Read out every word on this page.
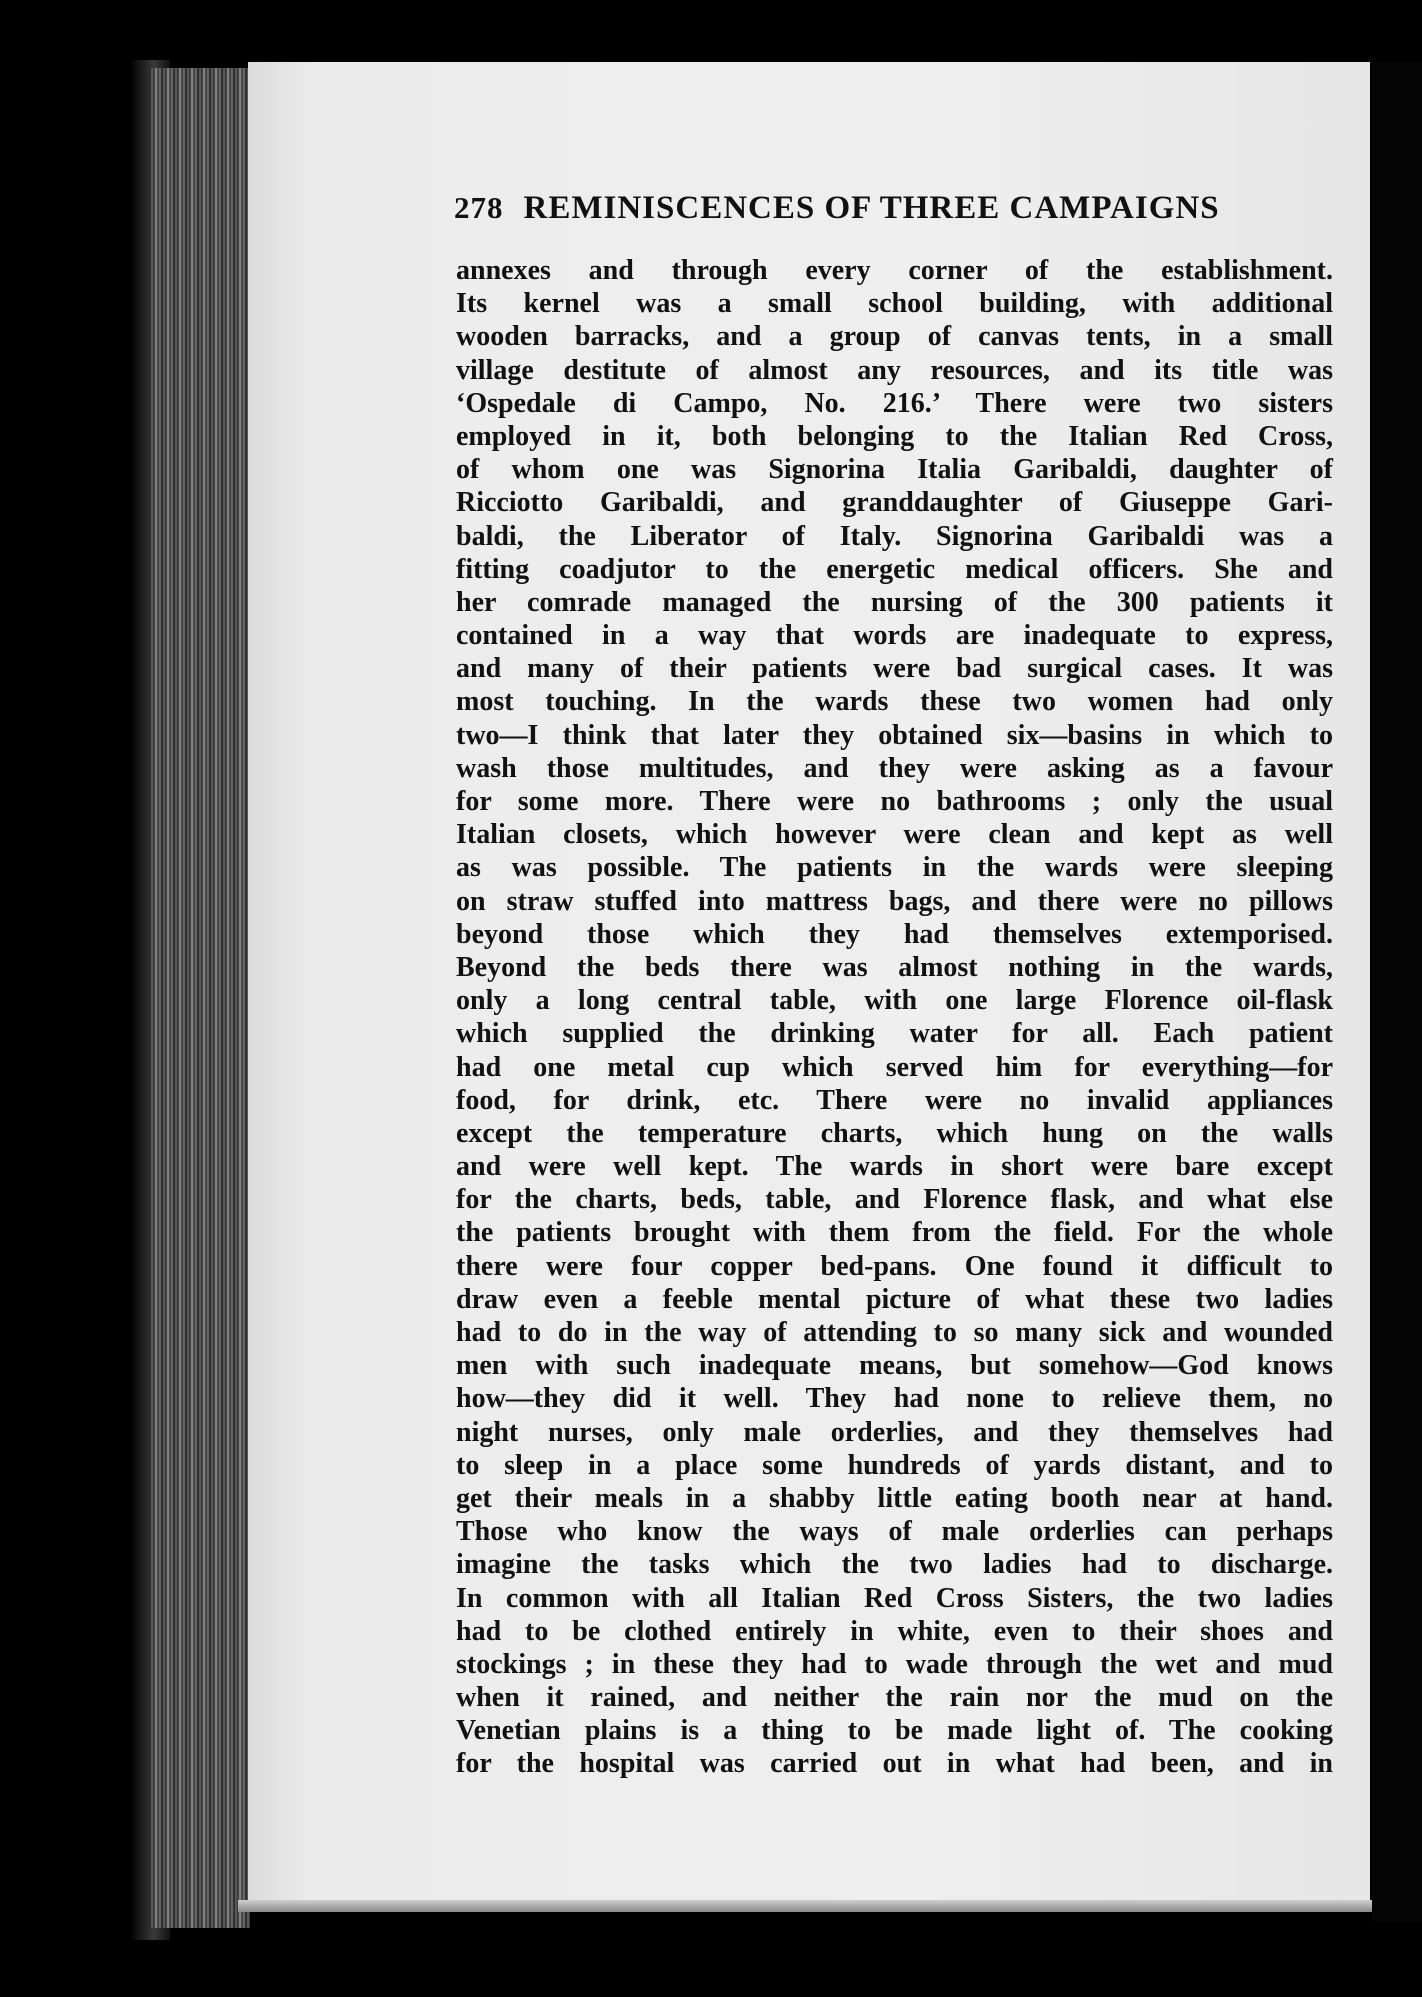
278 REMINISCENCES OF THREE CAMPAIGNS
annexes and through every corner of the establishment.
Its kernel was a small school building, with additional
wooden barracks, and a group of canvas tents, in a small
village destitute of almost any resources, and its title was
‘Ospedale di Campo, No. 216.’ There were two sisters
employed in it, both belonging to the Italian Red Cross,
of whom one was Signorina Italia Garibaldi, daughter of
Ricciotto Garibaldi, and granddaughter of Giuseppe Gari-
baldi, the Liberator of Italy. Signorina Garibaldi was a
fitting coadjutor to the energetic medical officers. She and
her comrade managed the nursing of the 300 patients it
contained in a way that words are inadequate to express,
and many of their patients were bad surgical cases. It was
most touching. In the wards these two women had only
two—I think that later they obtained six—basins in which to
wash those multitudes, and they were asking as a favour
for some more. There were no bathrooms ; only the usual
Italian closets, which however were clean and kept as well
as was possible. The patients in the wards were sleeping
on straw stuffed into mattress bags, and there were no pillows
beyond those which they had themselves extemporised.
Beyond the beds there was almost nothing in the wards,
only a long central table, with one large Florence oil-flask
which supplied the drinking water for all. Each patient
had one metal cup which served him for everything—for
food, for drink, etc. There were no invalid appliances
except the temperature charts, which hung on the walls
and were well kept. The wards in short were bare except
for the charts, beds, table, and Florence flask, and what else
the patients brought with them from the field. For the whole
there were four copper bed-pans. One found it difficult to
draw even a feeble mental picture of what these two ladies
had to do in the way of attending to so many sick and wounded
men with such inadequate means, but somehow—God knows
how—they did it well. They had none to relieve them, no
night nurses, only male orderlies, and they themselves had
to sleep in a place some hundreds of yards distant, and to
get their meals in a shabby little eating booth near at hand.
Those who know the ways of male orderlies can perhaps
imagine the tasks which the two ladies had to discharge.
In common with all Italian Red Cross Sisters, the two ladies
had to be clothed entirely in white, even to their shoes and
stockings ; in these they had to wade through the wet and mud
when it rained, and neither the rain nor the mud on the
Venetian plains is a thing to be made light of. The cooking
for the hospital was carried out in what had been, and in
